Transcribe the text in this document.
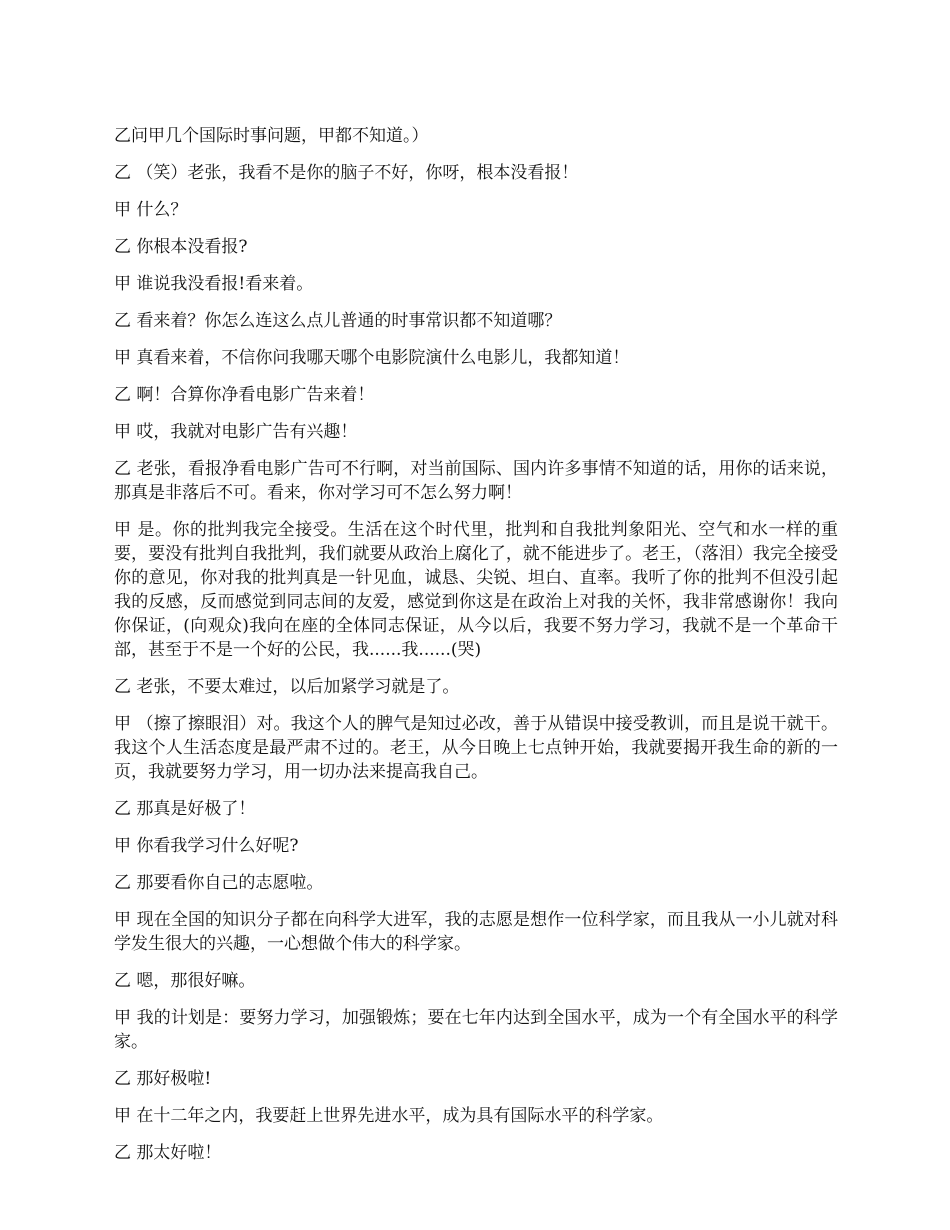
乙问甲几个国际时事问题，甲都不知道。）

乙 （笑）老张，我看不是你的脑子不好，你呀，根本没看报！

甲 什么？

乙 你根本没看报?

甲 谁说我没看报!看来着。

乙 看来着？你怎么连这么点儿普通的时事常识都不知道哪？

甲 真看来着，不信你问我哪天哪个电影院演什么电影儿，我都知道！

乙 啊！合算你净看电影广告来着！

甲 哎，我就对电影广告有兴趣！

乙 老张，看报净看电影广告可不行啊，对当前国际、国内许多事情不知道的话，用你的话来说，那真是非落后不可。看来，你对学习可不怎么努力啊！

甲 是。你的批判我完全接受。生活在这个时代里，批判和自我批判象阳光、空气和水一样的重要，要没有批判自我批判，我们就要从政治上腐化了，就不能进步了。老王，（落泪）我完全接受你的意见，你对我的批判真是一针见血，诚恳、尖锐、坦白、直率。我听了你的批判不但没引起我的反感，反而感觉到同志间的友爱，感觉到你这是在政治上对我的关怀，我非常感谢你！我向你保证，(向观众)我向在座的全体同志保证，从今以后，我要不努力学习，我就不是一个革命干部，甚至于不是一个好的公民，我......我......(哭)

乙 老张，不要太难过，以后加紧学习就是了。

甲 （擦了擦眼泪）对。我这个人的脾气是知过必改，善于从错误中接受教训，而且是说干就干。我这个人生活态度是最严肃不过的。老王，从今日晚上七点钟开始，我就要揭开我生命的新的一页，我就要努力学习，用一切办法来提高我自己。

乙 那真是好极了！

甲 你看我学习什么好呢?

乙 那要看你自己的志愿啦。

甲 现在全国的知识分子都在向科学大进军，我的志愿是想作一位科学家，而且我从一小儿就对科学发生很大的兴趣，一心想做个伟大的科学家。

乙 嗯，那很好嘛。

甲 我的计划是：要努力学习，加强锻炼；要在七年内达到全国水平，成为一个有全国水平的科学家。

乙 那好极啦!

甲 在十二年之内，我要赶上世界先进水平，成为具有国际水平的科学家。

乙 那太好啦！
